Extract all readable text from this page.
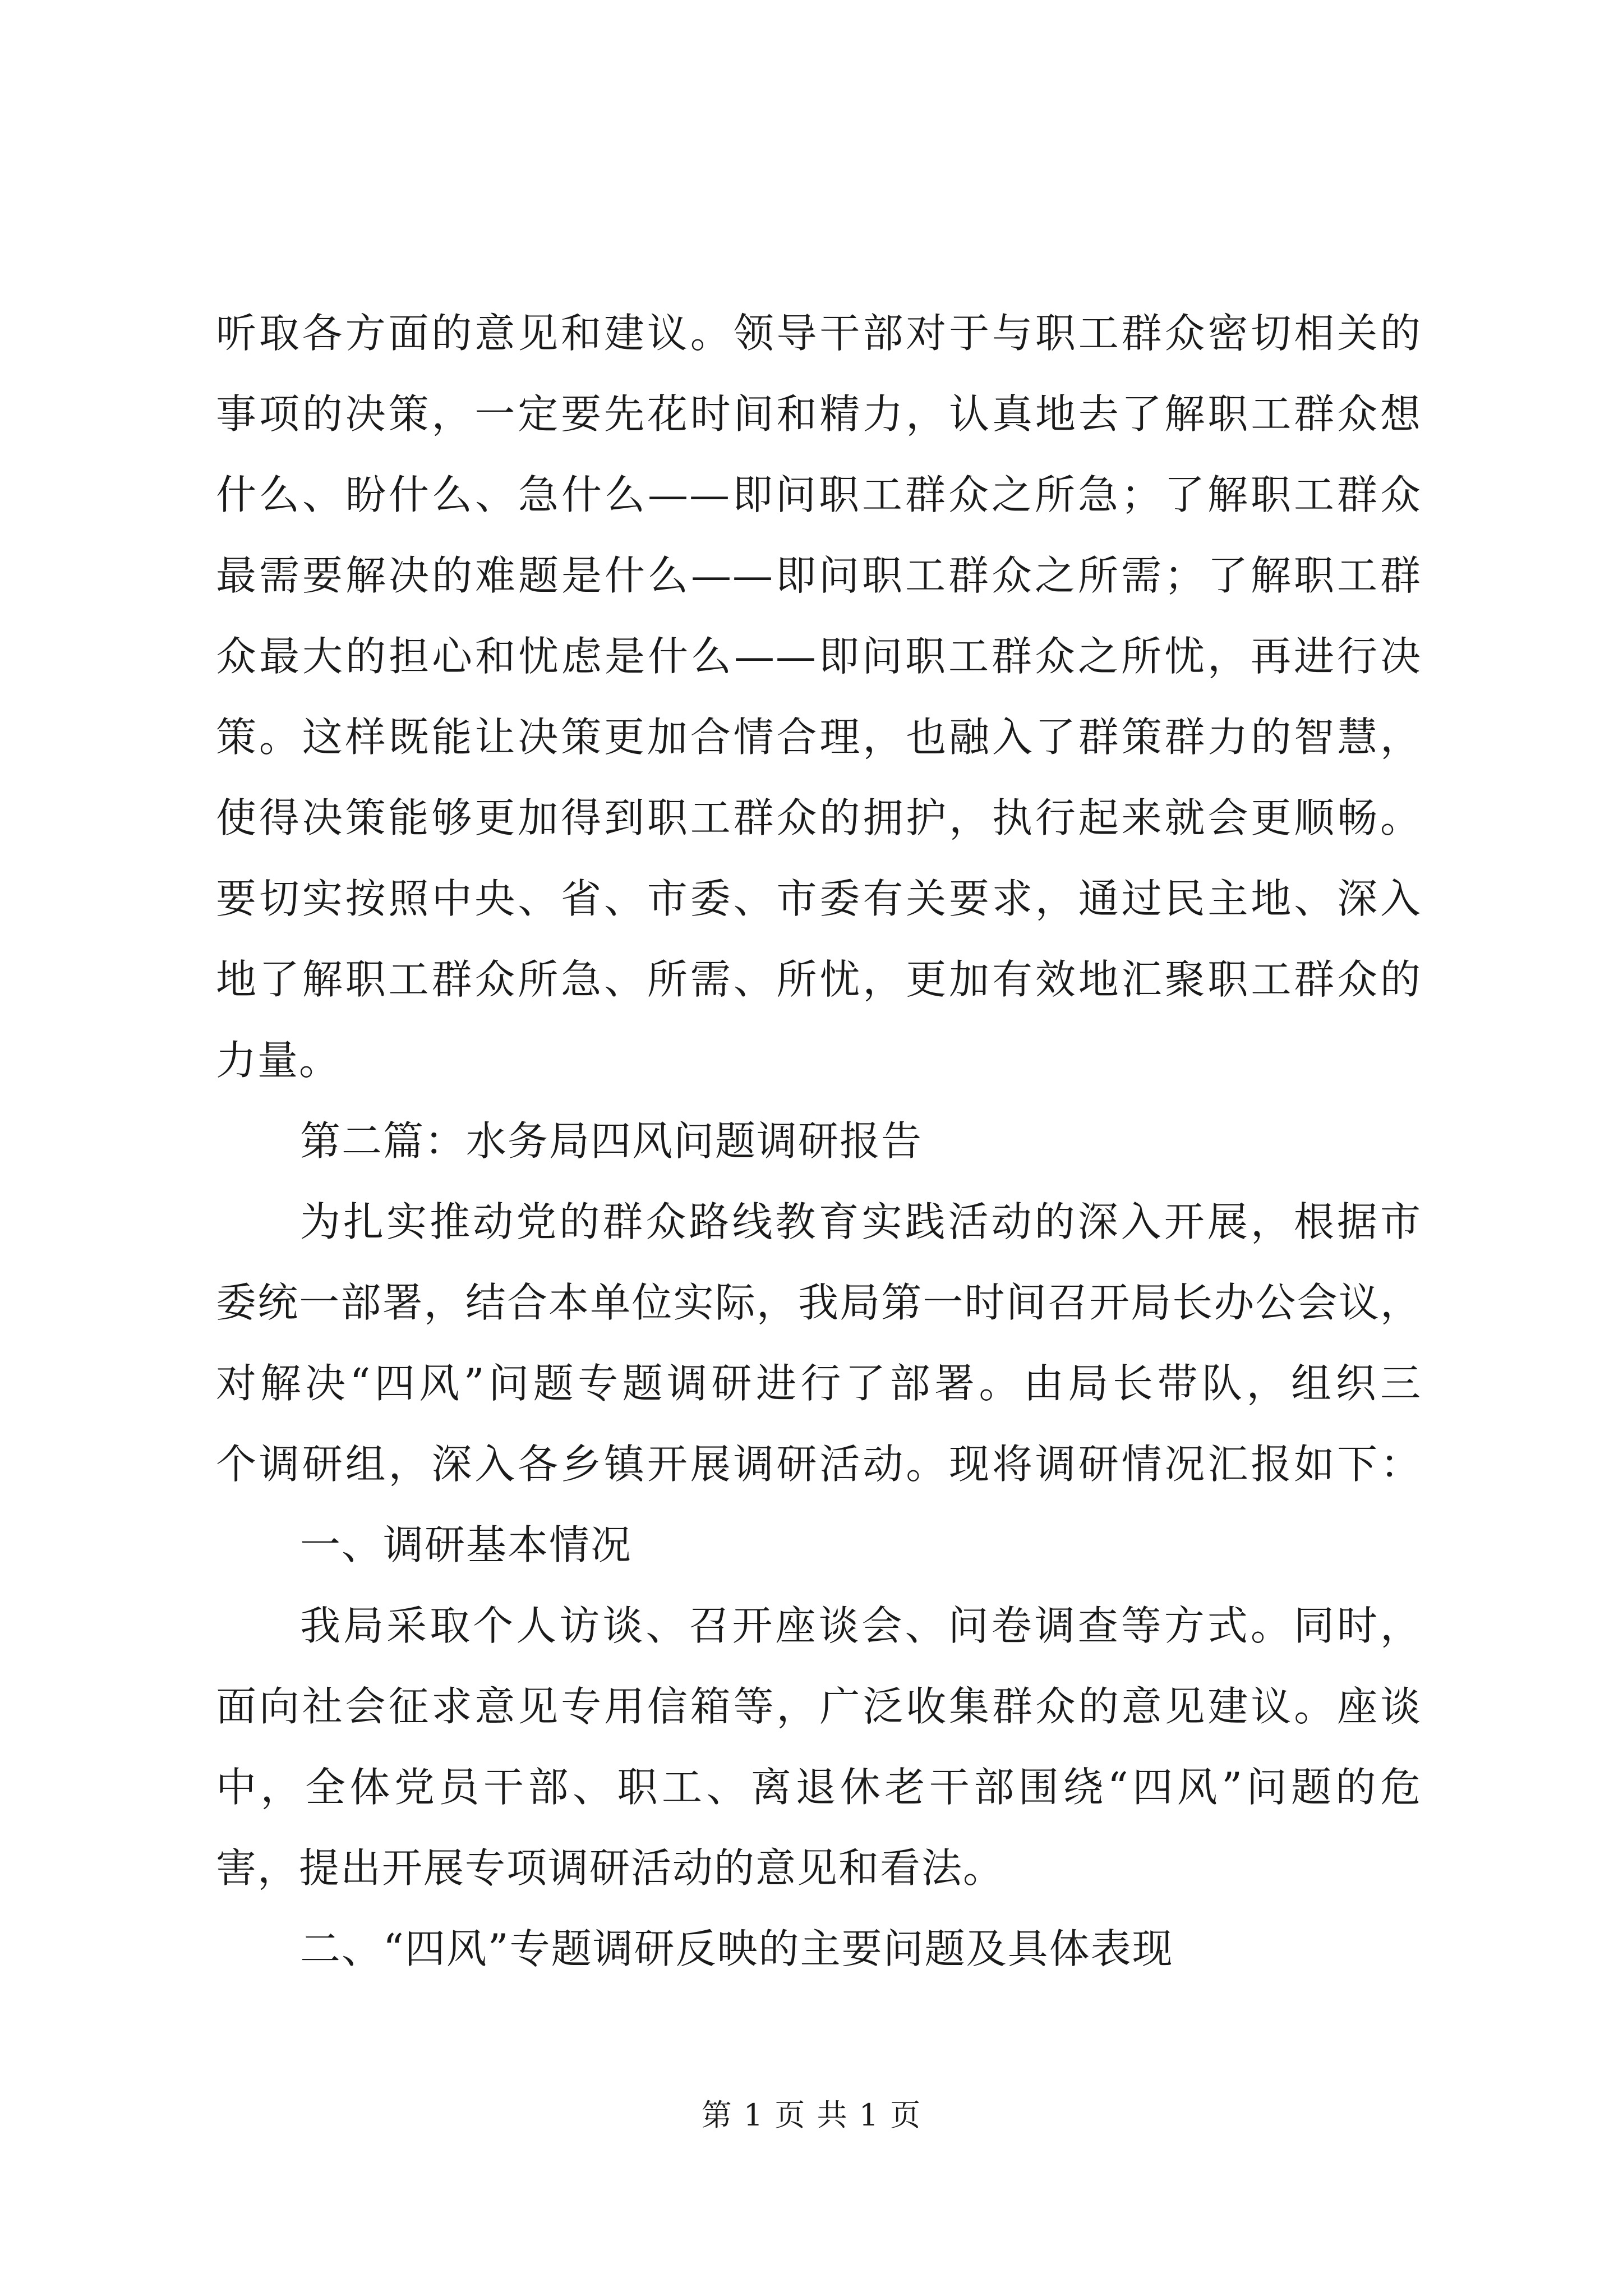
听取各方面的意见和建议。领导干部对于与职工群众密切相关的
事项的决策，一定要先花时间和精力，认真地去了解职工群众想
什么、盼什么、急什么——即问职工群众之所急；了解职工群众
最需要解决的难题是什么——即问职工群众之所需；了解职工群
众最大的担心和忧虑是什么——即问职工群众之所忧，再进行决
策。这样既能让决策更加合情合理，也融入了群策群力的智慧，
使得决策能够更加得到职工群众的拥护，执行起来就会更顺畅。
要切实按照中央、省、市委、市委有关要求，通过民主地、深入
地了解职工群众所急、所需、所忧，更加有效地汇聚职工群众的
力量。
第二篇：水务局四风问题调研报告
为扎实推动党的群众路线教育实践活动的深入开展，根据市
委统一部署，结合本单位实际，我局第一时间召开局长办公会议，
对解决“四风”问题专题调研进行了部署。由局长带队，组织三
个调研组，深入各乡镇开展调研活动。现将调研情况汇报如下：
一、调研基本情况
我局采取个人访谈、召开座谈会、问卷调查等方式。同时，
面向社会征求意见专用信箱等，广泛收集群众的意见建议。座谈
中，全体党员干部、职工、离退休老干部围绕“四风”问题的危
害，提出开展专项调研活动的意见和看法。
二、“四风”专题调研反映的主要问题及具体表现
第 1 页 共 1 页
